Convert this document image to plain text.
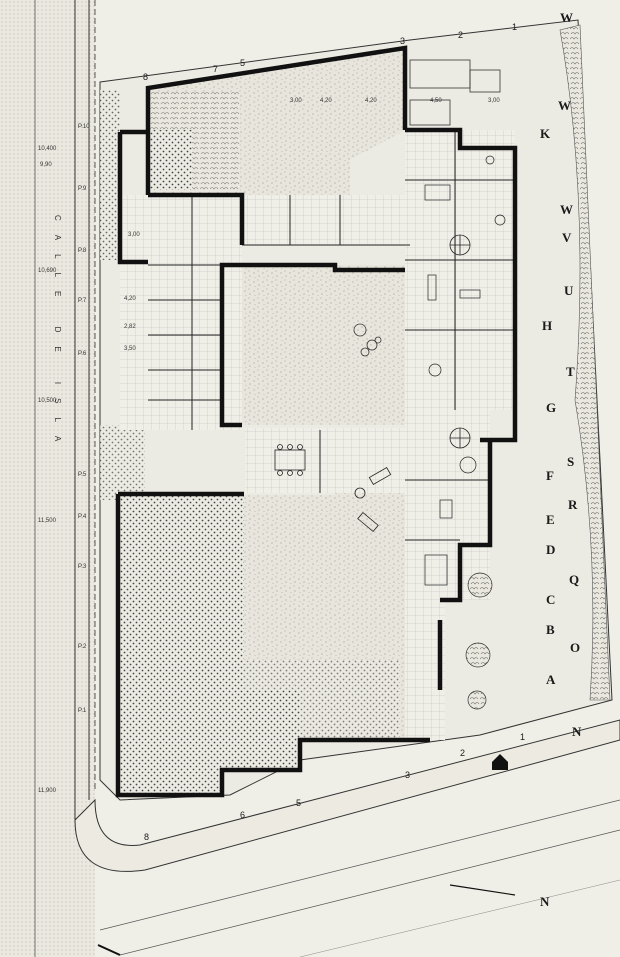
N
CALLE DE ISLA
P.10
P.9
P.8
P.7
P.6
P.5
P.4
P.3
P.2
P.1
10,400
9,90
10,690
10,500
11,500
11,900
3,00	4,20	4,20	4,50
3,00
4,20
2,82
3,50
3,00
8
7
5
3
2
1
8
6
5
3
2
1
W
W
K
W
V
U
H
T
G
S
F
R
E
D
Q
C
B
O
A
N
